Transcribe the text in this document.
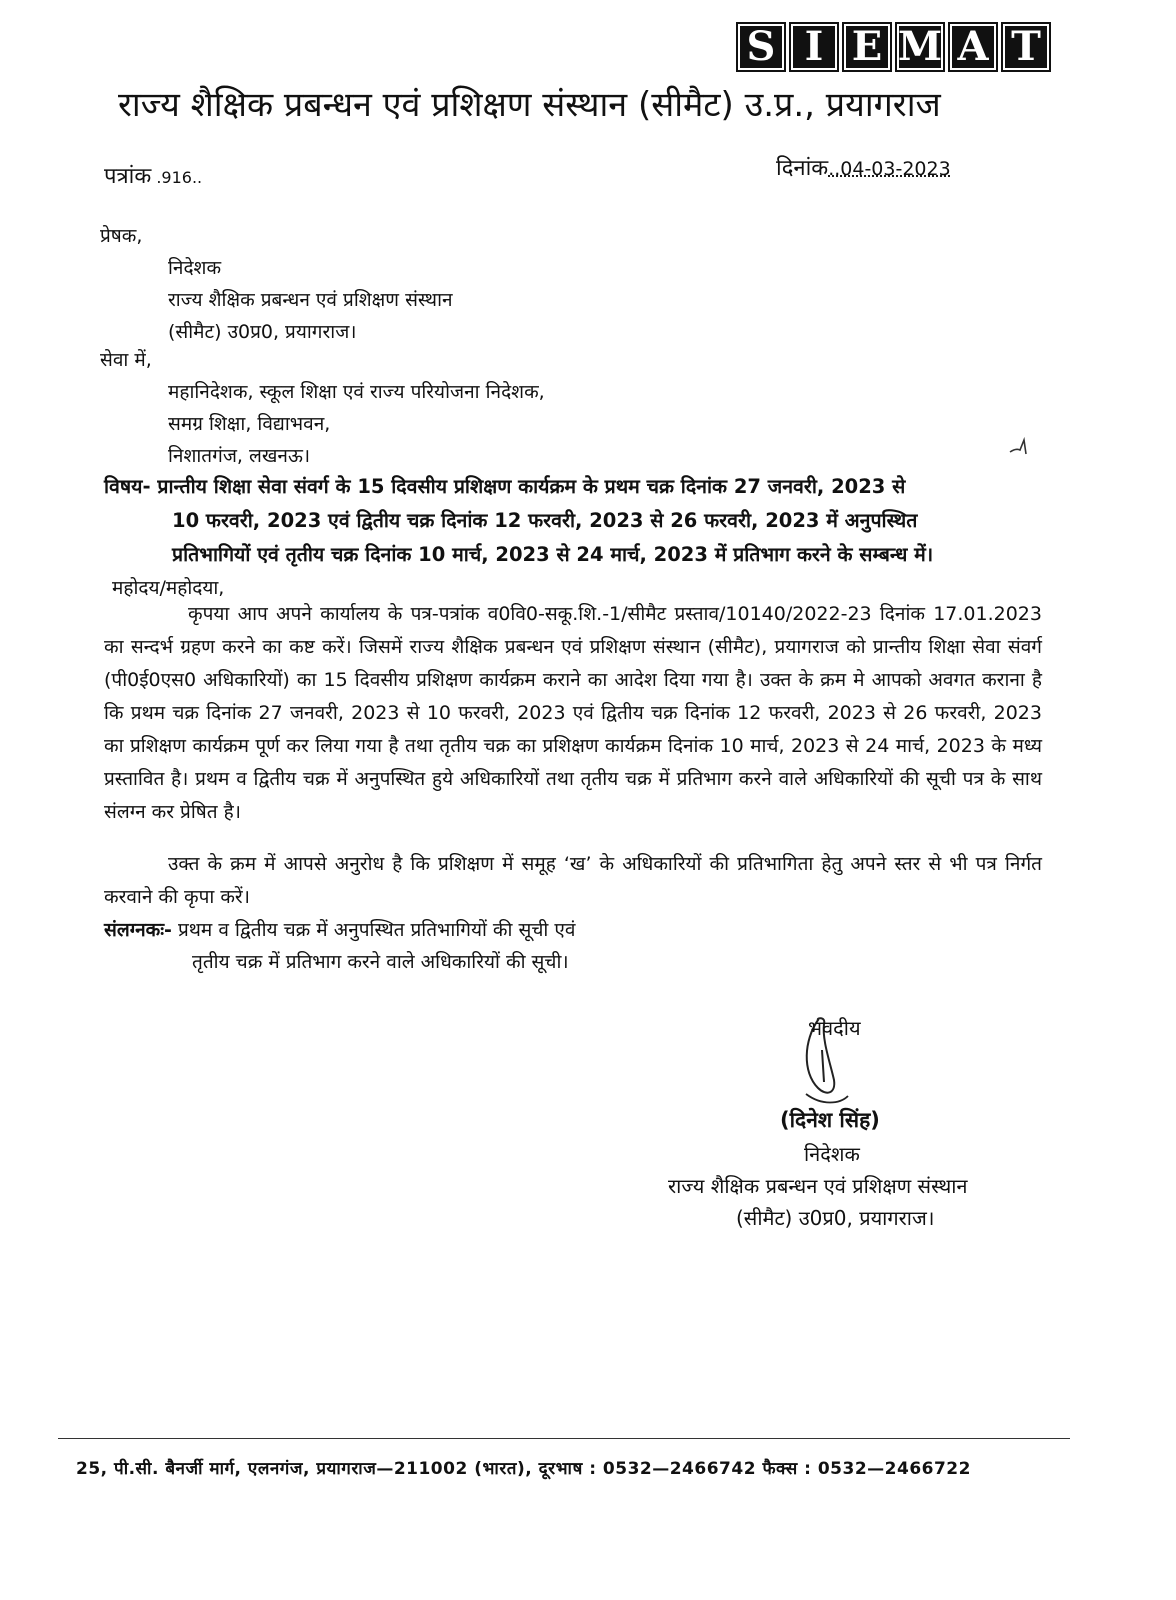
S I E M A T
राज्य शैक्षिक प्रबन्धन एवं प्रशिक्षण संस्थान (सीमैट) उ.प्र., प्रयागराज
पत्रांक .916..	दिनांक..04-03-2023
प्रेषक,
निदेशक
राज्य शैक्षिक प्रबन्धन एवं प्रशिक्षण संस्थान
(सीमैट) उ0प्र0, प्रयागराज।
सेवा में,
महानिदेशक, स्कूल शिक्षा एवं राज्य परियोजना निदेशक,
समग्र शिक्षा, विद्याभवन,
निशातगंज, लखनऊ।
विषय- प्रान्तीय शिक्षा सेवा संवर्ग के 15 दिवसीय प्रशिक्षण कार्यक्रम के प्रथम चक्र दिनांक 27 जनवरी, 2023 से
10 फरवरी, 2023 एवं द्वितीय चक्र दिनांक 12 फरवरी, 2023 से 26 फरवरी, 2023 में अनुपस्थित
प्रतिभागियों एवं तृतीय चक्र दिनांक 10 मार्च, 2023 से 24 मार्च, 2023 में प्रतिभाग करने के सम्बन्ध में।
महोदय/महोदया,
कृपया आप अपने कार्यालय के पत्र-पत्रांक व0वि0-सकू.शि.-1/सीमैट प्रस्ताव/10140/2022-23 दिनांक 17.01.2023 का सन्दर्भ ग्रहण करने का कष्ट करें। जिसमें राज्य शैक्षिक प्रबन्धन एवं प्रशिक्षण संस्थान (सीमैट), प्रयागराज को प्रान्तीय शिक्षा सेवा संवर्ग (पी0ई0एस0 अधिकारियों) का 15 दिवसीय प्रशिक्षण कार्यक्रम कराने का आदेश दिया गया है। उक्त के क्रम मे आपको अवगत कराना है कि प्रथम चक्र दिनांक 27 जनवरी, 2023 से 10 फरवरी, 2023 एवं द्वितीय चक्र दिनांक 12 फरवरी, 2023 से 26 फरवरी, 2023 का प्रशिक्षण कार्यक्रम पूर्ण कर लिया गया है तथा तृतीय चक्र का प्रशिक्षण कार्यक्रम दिनांक 10 मार्च, 2023 से 24 मार्च, 2023 के मध्य प्रस्तावित है। प्रथम व द्वितीय चक्र में अनुपस्थित हुये अधिकारियों तथा तृतीय चक्र में प्रतिभाग करने वाले अधिकारियों की सूची पत्र के साथ संलग्न कर प्रेषित है।
उक्त के क्रम में आपसे अनुरोध है कि प्रशिक्षण में समूह ‘ख’ के अधिकारियों की प्रतिभागिता हेतु अपने स्तर से भी पत्र निर्गत करवाने की कृपा करें।
संलग्नकः- प्रथम व द्वितीय चक्र में अनुपस्थित प्रतिभागियों की सूची एवं
तृतीय चक्र में प्रतिभाग करने वाले अधिकारियों की सूची।
भवदीय
(दिनेश सिंह)
निदेशक
राज्य शैक्षिक प्रबन्धन एवं प्रशिक्षण संस्थान
(सीमैट) उ0प्र0, प्रयागराज।
25, पी.सी. बैनर्जी मार्ग, एलनगंज, प्रयागराज—211002 (भारत), दूरभाष : 0532—2466742 फैक्स : 0532—2466722
